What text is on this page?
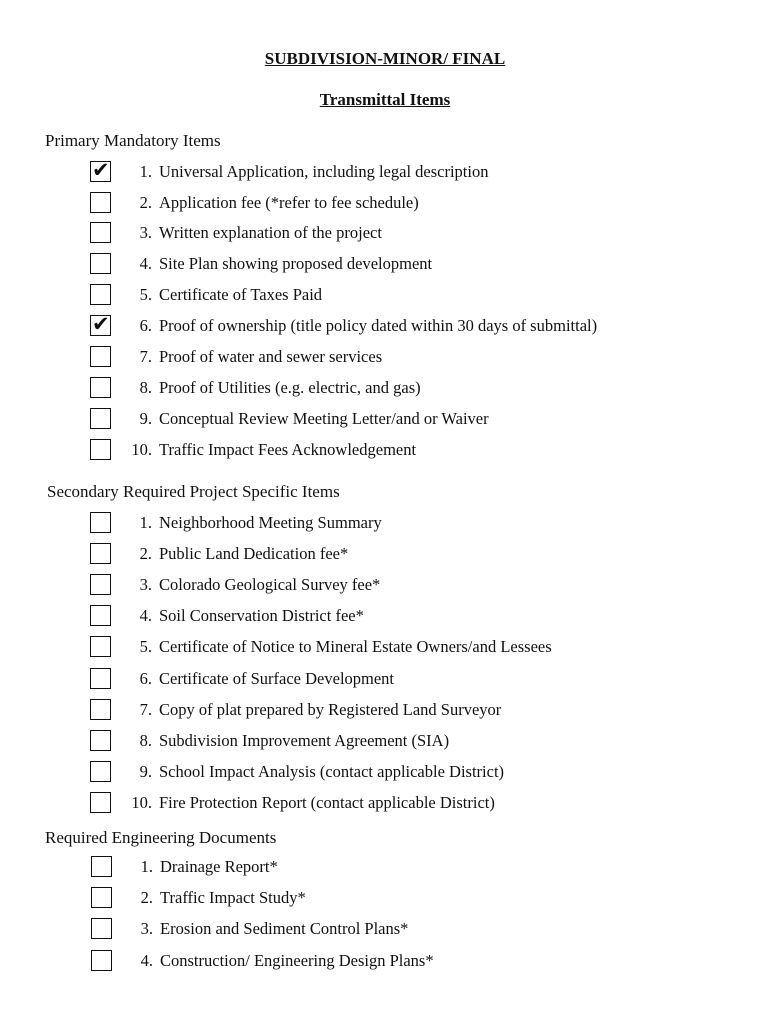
SUBDIVISION-MINOR/ FINAL
Transmittal Items
Primary Mandatory Items
✔	1. Universal Application, including legal description
2. Application fee (*refer to fee schedule)
3. Written explanation of the project
4. Site Plan showing proposed development
5. Certificate of Taxes Paid
✔	6. Proof of ownership (title policy dated within 30 days of submittal)
7. Proof of water and sewer services
8. Proof of Utilities (e.g. electric, and gas)
9. Conceptual Review Meeting Letter/and or Waiver
10. Traffic Impact Fees Acknowledgement
Secondary Required Project Specific Items
1. Neighborhood Meeting Summary
2. Public Land Dedication fee*
3. Colorado Geological Survey fee*
4. Soil Conservation District fee*
5. Certificate of Notice to Mineral Estate Owners/and Lessees
6. Certificate of Surface Development
7. Copy of plat prepared by Registered Land Surveyor
8. Subdivision Improvement Agreement (SIA)
9. School Impact Analysis (contact applicable District)
10. Fire Protection Report (contact applicable District)
Required Engineering Documents
1. Drainage Report*
2. Traffic Impact Study*
3. Erosion and Sediment Control Plans*
4. Construction/ Engineering Design Plans*
